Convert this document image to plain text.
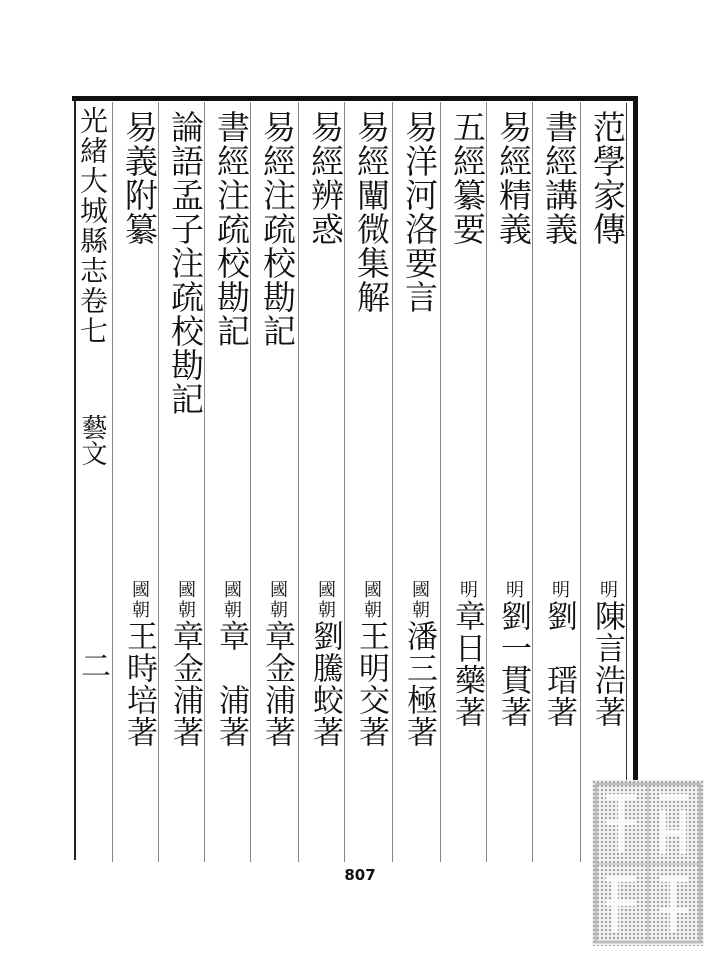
光緒大城縣志卷七
藝文
二
范學家傳
書經講義
易經精義
五經纂要
易洋河洛要言
易經闡微集解
易經辨惑
易經注疏校勘記
書經注疏校勘記
論語孟子注疏校勘記
易義附纂
明陳言浩著
明劉　瑨著
明劉一貫著
明章日藥著
國朝潘三極著
國朝王明交著
國朝劉騰蛟著
國朝章金浦著
國朝章　浦著
國朝章金浦著
國朝王時培著
807
